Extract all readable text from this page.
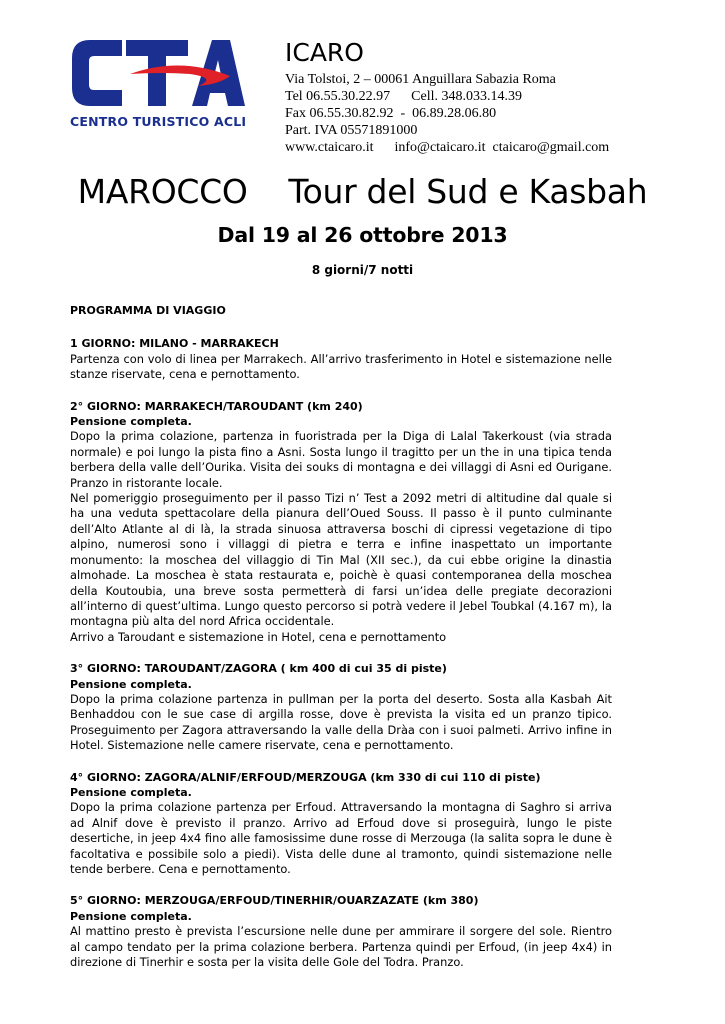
CENTRO TURISTICO ACLI
ICARO
Via Tolstoi, 2 – 00061 Anguillara Sabazia Roma
Tel 06.55.30.22.97      Cell. 348.033.14.39
Fax 06.55.30.82.92  -  06.89.28.06.80
Part. IVA 05571891000
www.ctaicaro.it      info@ctaicaro.it  ctaicaro@gmail.com
MAROCCO    Tour del Sud e Kasbah
Dal 19 al 26 ottobre 2013
8 giorni/7 notti
PROGRAMMA DI VIAGGIO
1 GIORNO: MILANO - MARRAKECH

Partenza con volo di linea per Marrakech. All’arrivo trasferimento in Hotel e sistemazione nelle stanze riservate, cena e pernottamento.

2° GIORNO: MARRAKECH/TAROUDANT (km 240)
Pensione completa.

Dopo la prima colazione, partenza in fuoristrada per la Diga di Lalal Takerkoust (via strada normale) e poi lungo la pista fino a Asni. Sosta lungo il tragitto per un the in una tipica tenda berbera della valle dell’Ourika. Visita dei souks di montagna e dei villaggi di Asni ed Ourigane. Pranzo in ristorante locale.

Nel pomeriggio proseguimento per il passo Tizi n’ Test a 2092 metri di altitudine dal quale si ha una veduta spettacolare della pianura dell’Oued Souss. Il passo è il punto culminante dell’Alto Atlante al di là, la strada sinuosa attraversa boschi di cipressi vegetazione di tipo alpino, numerosi sono i villaggi di pietra e terra e infine inaspettato un importante monumento: la moschea del villaggio di Tin Mal (XII sec.), da cui ebbe origine la dinastia almohade. La moschea è stata restaurata e, poichè è quasi contemporanea della moschea della Koutoubia, una breve sosta permetterà di farsi un’idea delle pregiate decorazioni all’interno di quest’ultima. Lungo questo percorso si potrà vedere il Jebel Toubkal (4.167 m), la montagna più alta del nord Africa occidentale.

Arrivo a Taroudant e sistemazione in Hotel, cena e pernottamento

3° GIORNO: TAROUDANT/ZAGORA ( km 400 di cui 35 di piste)
Pensione completa.

Dopo la prima colazione partenza in pullman per la porta del deserto. Sosta alla Kasbah Ait Benhaddou con le sue case di argilla rosse, dove è prevista la visita ed un pranzo tipico. Proseguimento per Zagora attraversando la valle della Dràa con i suoi palmeti. Arrivo infine in Hotel. Sistemazione nelle camere riservate, cena e pernottamento.

4° GIORNO: ZAGORA/ALNIF/ERFOUD/MERZOUGA (km 330 di cui 110 di piste)
Pensione completa.

Dopo la prima colazione partenza per Erfoud. Attraversando la montagna di Saghro si arriva ad Alnif dove è previsto il pranzo. Arrivo ad Erfoud dove si proseguirà, lungo le piste desertiche, in jeep 4x4 fino alle famosissime dune rosse di Merzouga (la salita sopra le dune è facoltativa e possibile solo a piedi). Vista delle dune al tramonto, quindi sistemazione nelle tende berbere. Cena e pernottamento.

5° GIORNO: MERZOUGA/ERFOUD/TINERHIR/OUARZAZATE (km 380)
Pensione completa.

Al mattino presto è prevista l’escursione nelle dune per ammirare il sorgere del sole. Rientro al campo tendato per la prima colazione berbera. Partenza quindi per Erfoud, (in jeep 4x4) in direzione di Tinerhir e sosta per la visita delle Gole del Todra. Pranzo.
